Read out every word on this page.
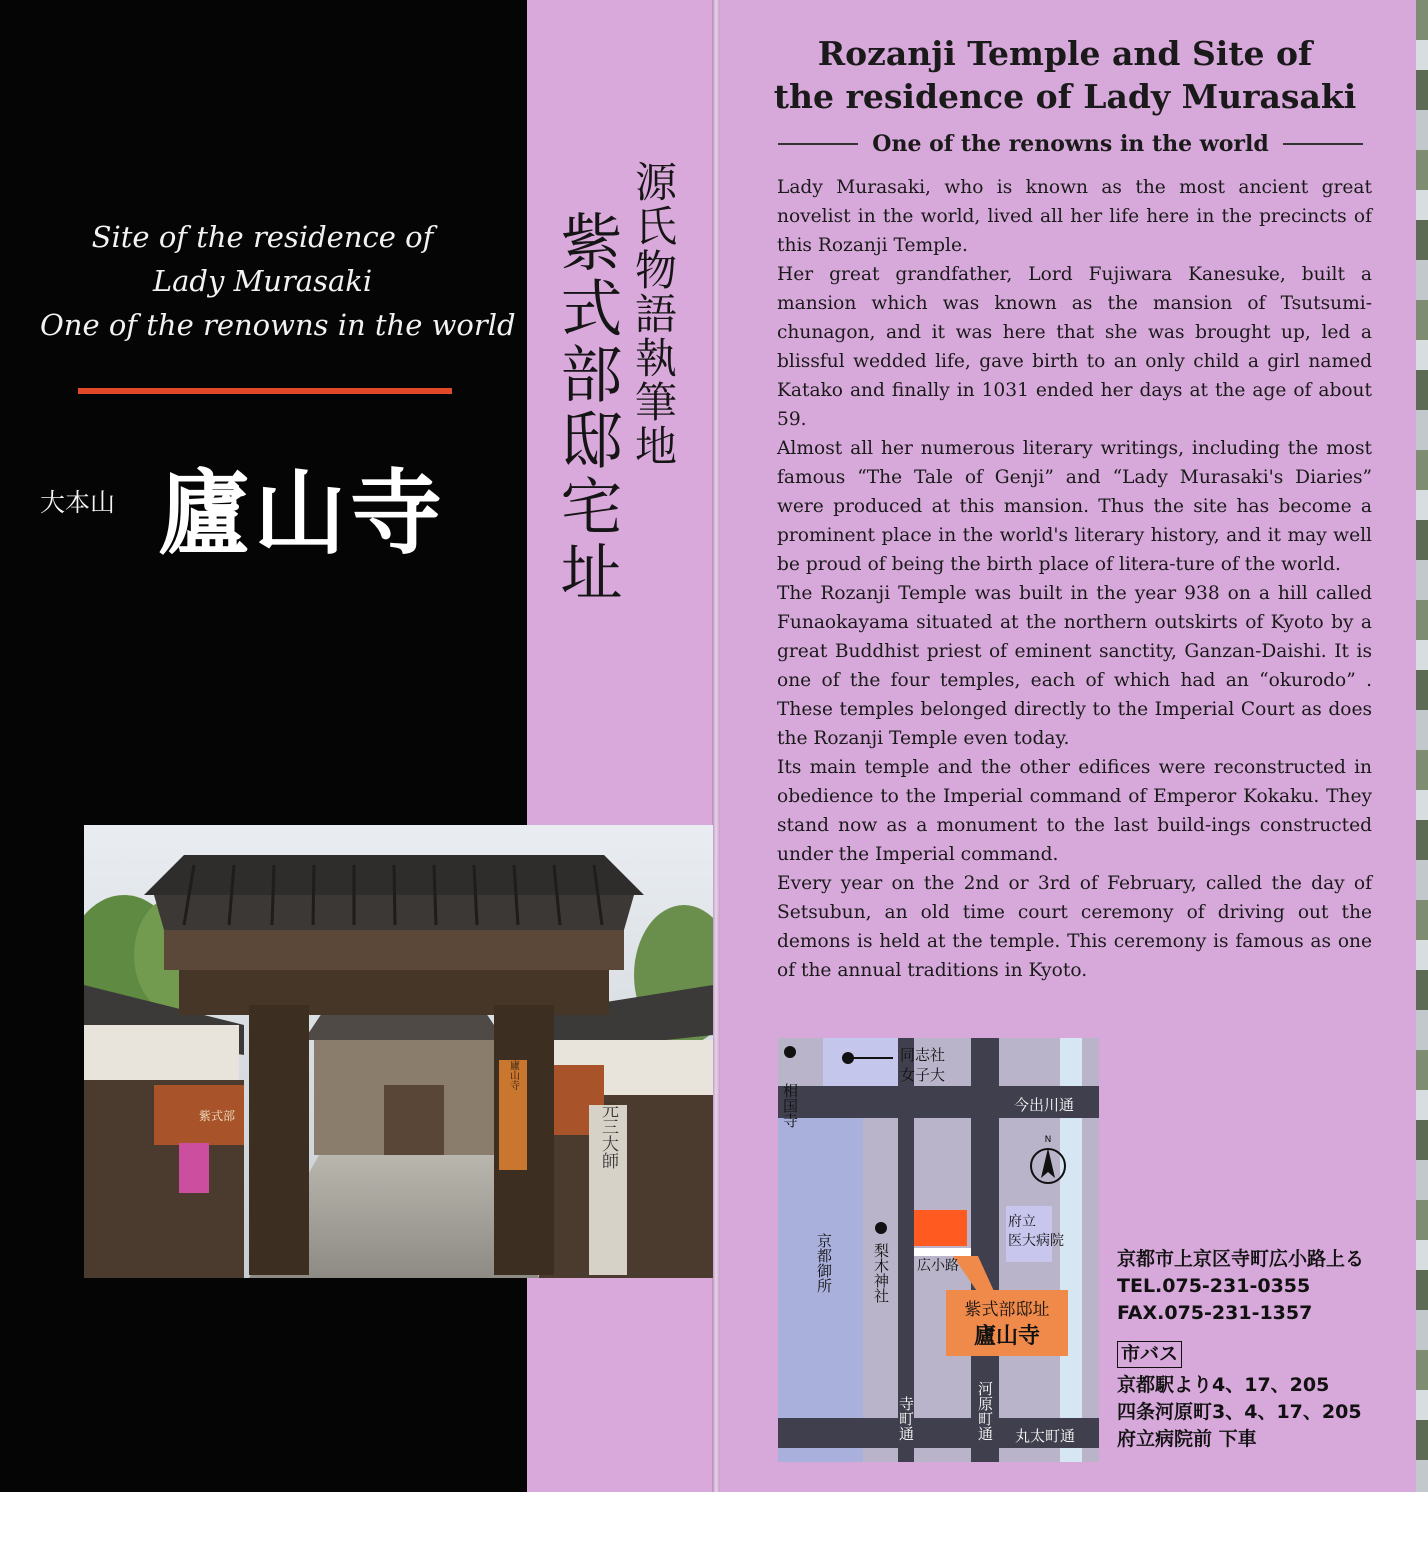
Site of the residence of
Lady Murasaki
One of the renowns in the world
大本山 廬山寺 紫式部邸宅址 源氏物語執筆地
元三大師
紫式部
廬山寺
Rozanji Temple and Site of
the residence of Lady Murasaki
One of the renowns in the world

Lady Murasaki, who is known as the most ancient great novelist in the world, lived all her life here in the precincts of this Rozanji Temple.

Her great grandfather, Lord Fujiwara Kanesuke, built a mansion which was known as the mansion of Tsutsumi-chunagon, and it was here that she was brought up, led a blissful wedded life, gave birth to an only child a girl named Katako and finally in 1031 ended her days at the age of about 59.

Almost all her numerous literary writings, including the most famous “The Tale of Genji” and “Lady Murasaki's Diaries” were produced at this mansion. Thus the site has become a prominent place in the world's literary history, and it may well be proud of being the birth place of litera-ture of the world.

The Rozanji Temple was built in the year 938 on a hill called Funaokayama situated at the northern outskirts of Kyoto by a great Buddhist priest of eminent sanctity, Ganzan-Daishi. It is one of the four temples, each of which had an “okurodo” . These temples belonged directly to the Imperial Court as does the Rozanji Temple even today.

Its main temple and the other edifices were reconstructed in obedience to the Imperial command of Emperor Kokaku. They stand now as a monument to the last build-ings constructed under the Imperial command.

Every year on the 2nd or 3rd of February, called the day of Setsubun, an old time court ceremony of driving out the demons is held at the temple. This ceremony is famous as one of the annual traditions in Kyoto.

N
相国寺
同志社
女子大
今出川通
府立
医大病院
京都御所	梨木神社 広小路
紫式部邸址
廬山寺
寺町通	河原町通 丸太町通
京都市上京区寺町広小路上る
TEL.075-231-0355
FAX.075-231-1357
市バス
京都駅より4、17、205
四条河原町3、4、17、205
府立病院前 下車
